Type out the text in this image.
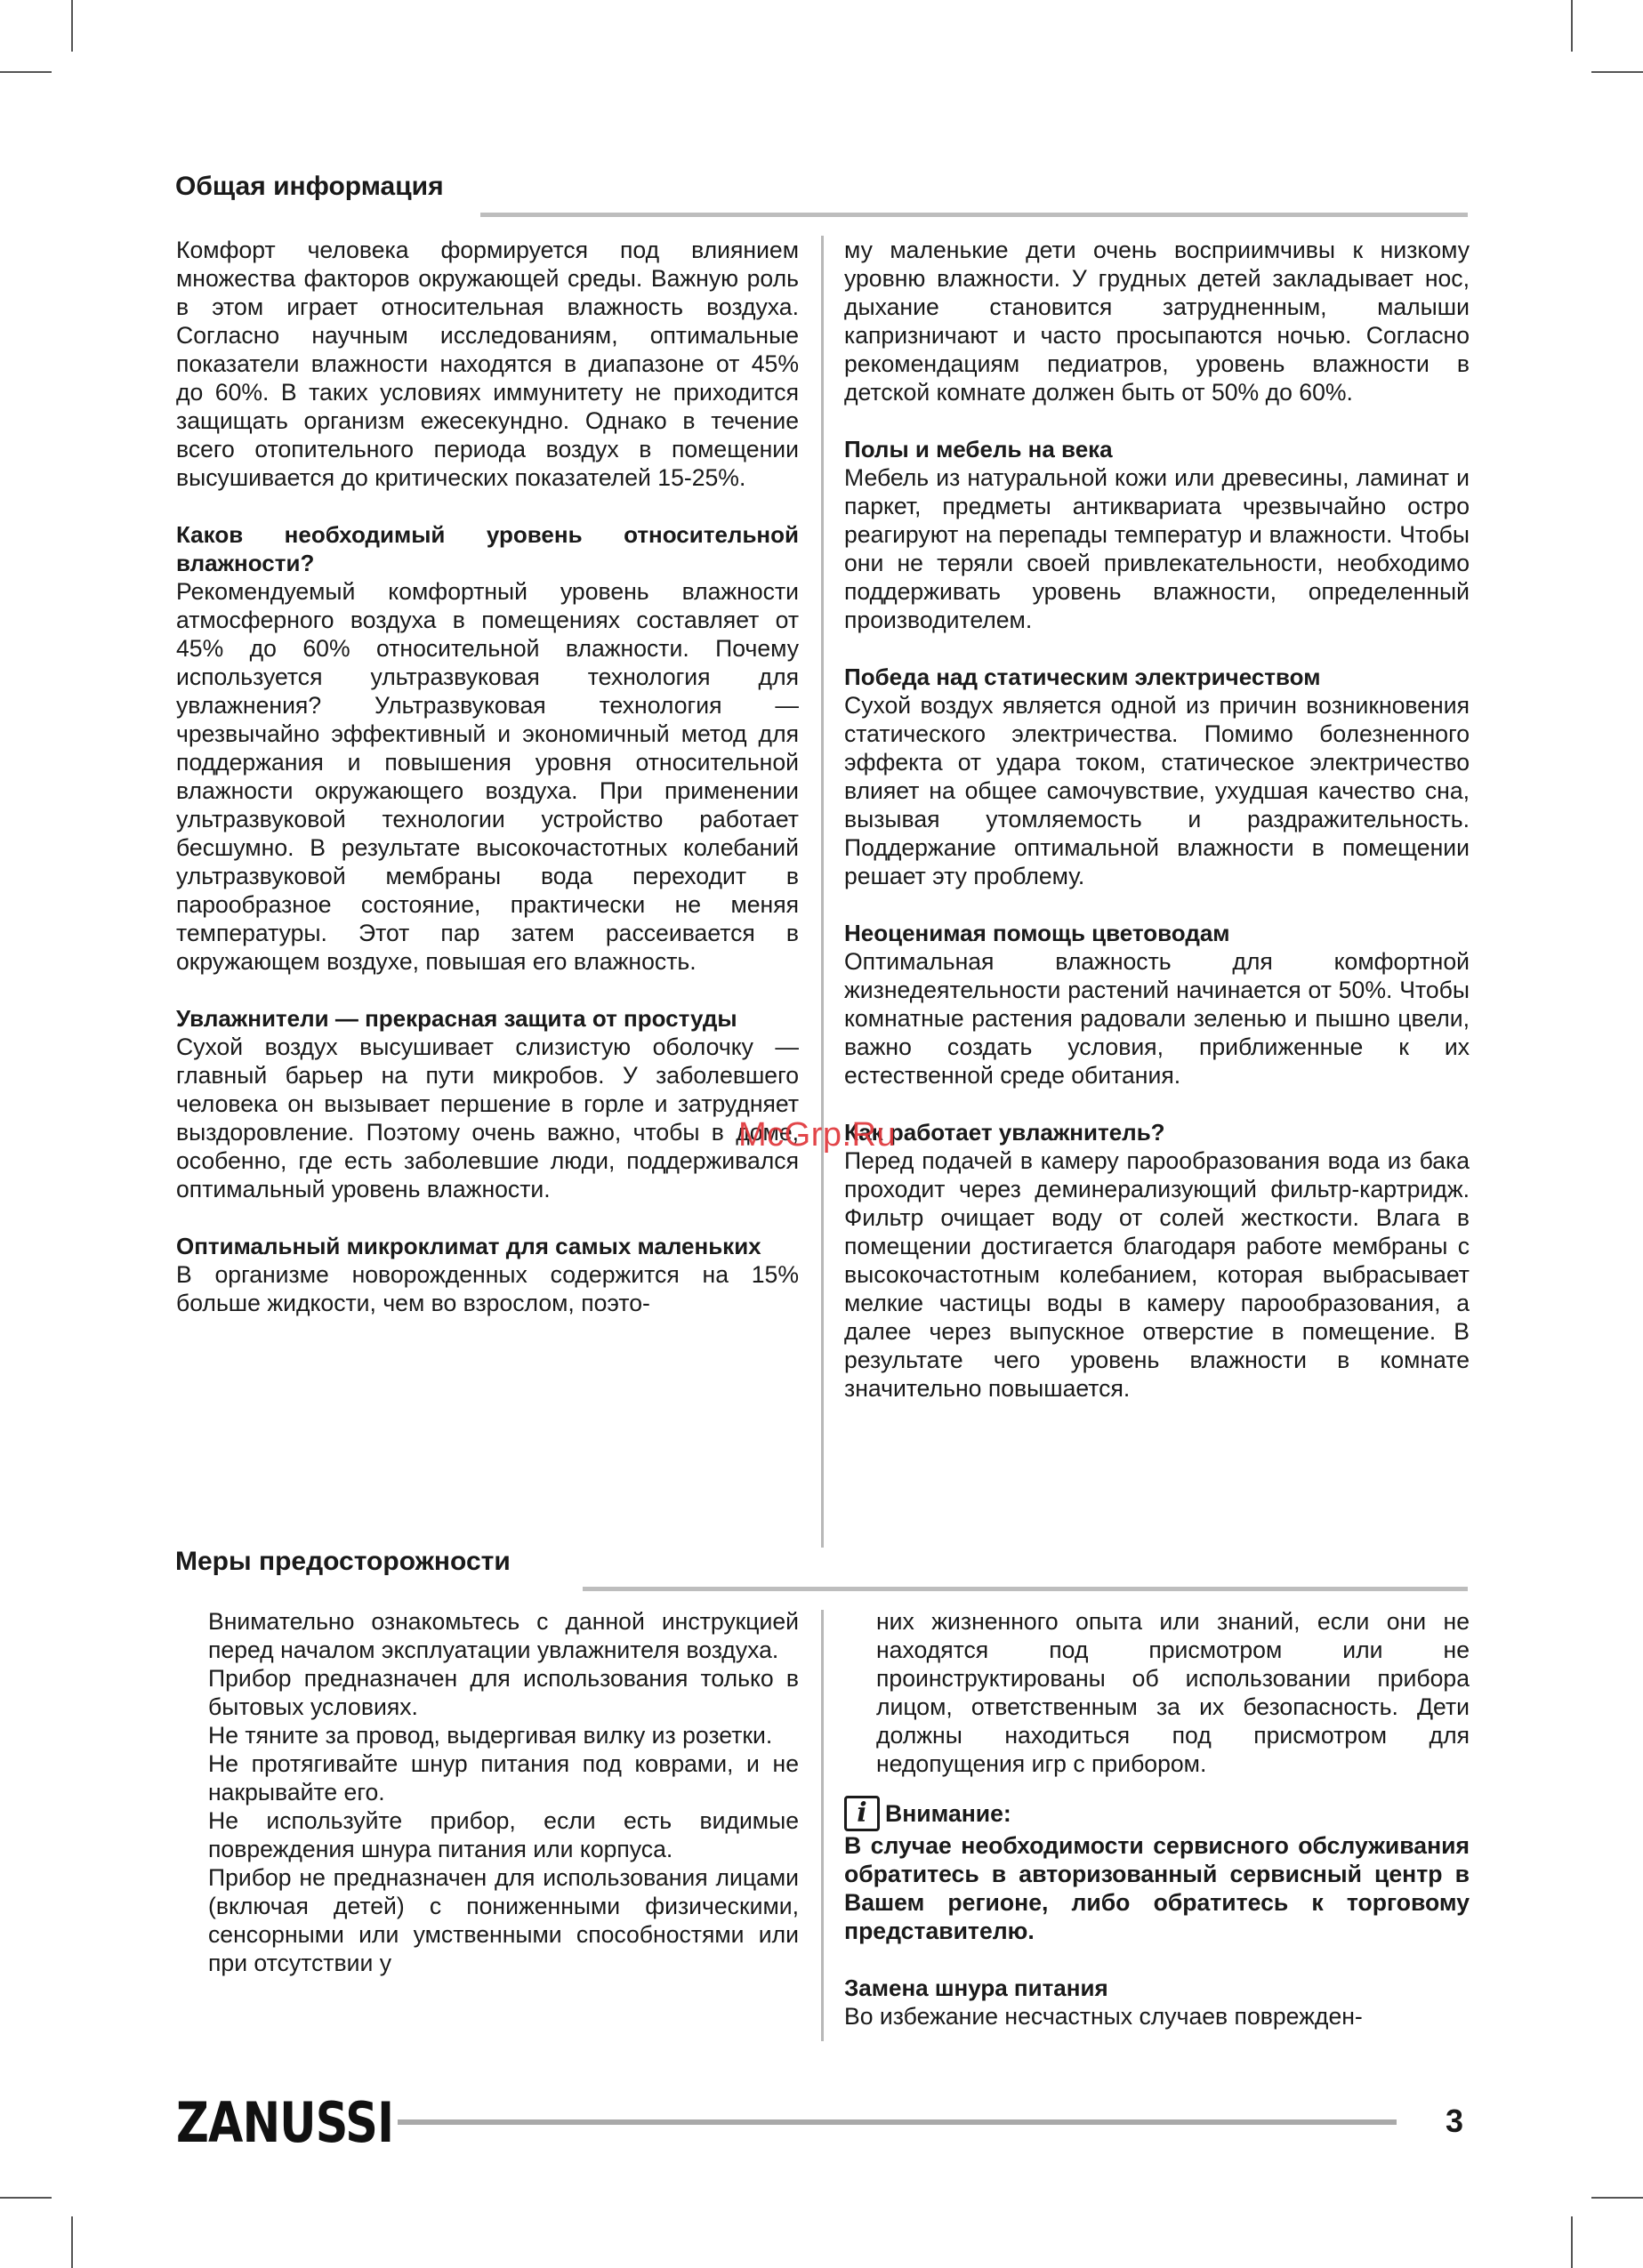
Общая информация

Комфорт человека формируется под влиянием множества факторов окружающей среды. Важную роль в этом играет относительная влажность воздуха. Согласно научным исследованиям, оптимальные показатели влажности находятся в диапазоне от 45% до 60%. В таких условиях иммунитету не приходится защищать организм ежесекундно. Однако в течение всего отопительного периода воздух в помещении высушивается до критических показателей 15-25%.

Каков необходимый уровень относительной влажности?

Рекомендуемый комфортный уровень влажности атмосферного воздуха в помещениях составляет от 45% до 60% относительной влажности. Почему используется ультразвуковая технология для увлажнения? Ультразвуковая технология — чрезвычайно эффективный и экономичный метод для поддержания и повышения уровня относительной влажности окружающего воздуха. При применении ультразвуковой технологии устройство работает бесшумно. В результате высокочастотных колебаний ультразвуковой мембраны вода переходит в парообразное состояние, практически не меняя температуры. Этот пар затем рассеивается в окружающем воздухе, повышая его влажность.

Увлажнители — прекрасная защита от простуды

Сухой воздух высушивает слизистую оболочку — главный барьер на пути микробов. У заболевшего человека он вызывает першение в горле и затрудняет выздоровление. Поэтому очень важно, чтобы в доме, особенно, где есть заболевшие люди, поддерживался оптимальный уровень влажности.

Оптимальный микроклимат для самых маленьких

В организме новорожденных содержится на 15% больше жидкости, чем во взрослом, поэто-

му маленькие дети очень восприимчивы к низкому уровню влажности. У грудных детей закладывает нос, дыхание становится затрудненным, малыши капризничают и часто просыпаются ночью. Согласно рекомендациям педиатров, уровень влажности в детской комнате должен быть от 50% до 60%.

Полы и мебель на века

Мебель из натуральной кожи или древесины, ламинат и паркет, предметы антиквариата чрезвычайно остро реагируют на перепады температур и влажности. Чтобы они не теряли своей привлекательности, необходимо поддерживать уровень влажности, определенный производителем.

Победа над статическим электричеством

Сухой воздух является одной из причин возникновения статического электричества. Помимо болезненного эффекта от удара током, статическое электричество влияет на общее самочувствие, ухудшая качество сна, вызывая утомляемость и раздражительность. Поддержание оптимальной влажности в помещении решает эту проблему.

Неоценимая помощь цветоводам

Оптимальная влажность для комфортной жизнедеятельности растений начинается от 50%. Чтобы комнатные растения радовали зеленью и пышно цвели, важно создать условия, приближенные к их естественной среде обитания.

Как работает увлажнитель?

Перед подачей в камеру парообразования вода из бака проходит через деминерализующий фильтр-картридж. Фильтр очищает воду от солей жесткости. Влага в помещении достигается благодаря работе мембраны с высокочастотным колебанием, которая выбрасывает мелкие частицы воды в камеру парообразования, а далее через выпускное отверстие в помещение. В результате чего уровень влажности в комнате значительно повышается.

McGrp.Ru
Меры предосторожности
• Внимательно ознакомьтесь с данной инструкцией перед началом эксплуатации увлажнителя воздуха.
• Прибор предназначен для использования только в бытовых условиях.
• Не тяните за провод, выдергивая вилку из розетки.
• Не протягивайте шнур питания под коврами, и не накрывайте его.
• Не используйте прибор, если есть видимые повреждения шнура питания или корпуса.
• Прибор не предназначен для использования лицами (включая детей) с пониженными физическими, сенсорными или умственными способностями или при отсутствии у

них жизненного опыта или знаний, если они не находятся под присмотром или не проинструктированы об использовании прибора лицом, ответственным за их безопасность. Дети должны находиться под присмотром для недопущения игр с прибором.

i Внимание:

В случае необходимости сервисного обслуживания обратитесь в авторизованный сервисный центр в Вашем регионе, либо обратитесь к торговому представителю.

Замена шнура питания

Во избежание несчастных случаев поврежден-

ZANUSSI	3
